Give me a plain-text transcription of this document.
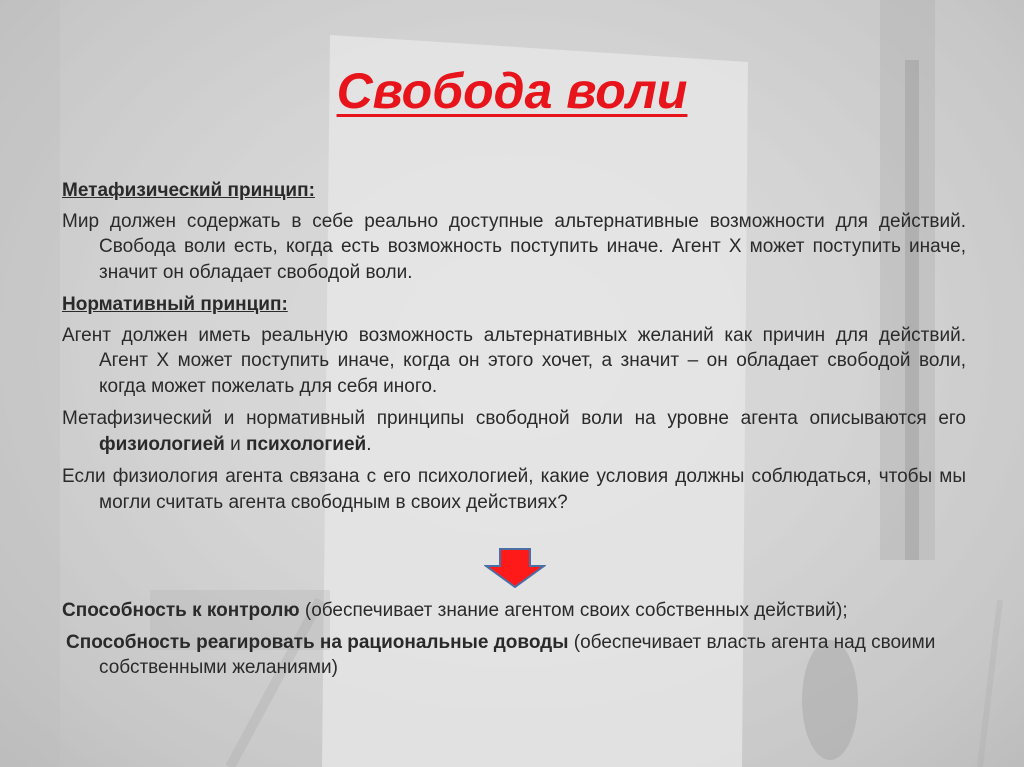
Свобода воли
Метафизический принцип:
Мир должен содержать в себе реально доступные альтернативные возможности для действий. Свобода воли есть, когда есть возможность поступить иначе. Агент X может поступить иначе, значит он обладает свободой воли.
Нормативный принцип:
Агент должен иметь реальную возможность альтернативных желаний как причин для действий. Агент X может поступить иначе, когда он этого хочет, а значит – он обладает свободой воли, когда может пожелать для себя иного.
Метафизический и нормативный принципы свободной воли на уровне агента описываются его физиологией и психологией.
Если физиология агента связана с его психологией, какие условия должны соблюдаться, чтобы мы могли считать агента свободным в своих действиях?
Способность к контролю (обеспечивает знание агентом своих собственных действий);
Способность реагировать на рациональные доводы (обеспечивает власть агента над своими собственными желаниями)
